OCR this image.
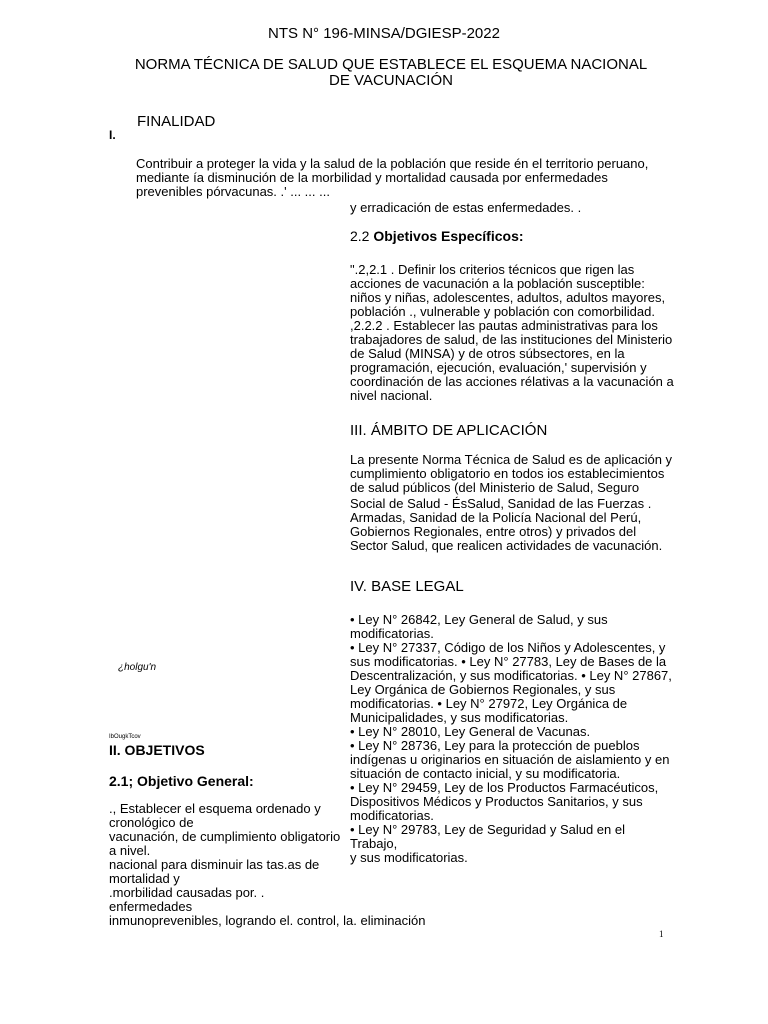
NTS N° 196-MINSA/DGIESP-2022
NORMA TÉCNICA DE SALUD QUE ESTABLECE EL ESQUEMA NACIONAL
DE VACUNACIÓN
FINALIDAD
I.
Contribuir a proteger la vida y la salud de la población que reside én el territorio peruano,
mediante ía disminución de la morbilidad y mortalidad causada por enfermedades
prevenibles pórvacunas. .' ... ... ...
y erradicación de estas enfermedades. .
2.2 Objetivos Específicos:
".2,2.1 . Definir los criterios técnicos que rigen las
acciones de vacunación a la población susceptible:
niños y niñas, adolescentes, adultos, adultos mayores,
población ., vulnerable y población con comorbilidad.
,2.2.2 . Establecer las pautas administrativas para los
trabajadores de salud, de las instituciones del Ministerio
de Salud (MINSA) y de otros súbsectores, en la
programación, ejecución, evaluación,' supervisión y
coordinación de las acciones rélativas a la vacunación a
nivel nacional.
III. ÁMBITO DE APLICACIÓN
La presente Norma Técnica de Salud es de aplicación y
cumplimiento obligatorio en todos ios establecimientos
de salud públicos (del Ministerio de Salud, Seguro
Social de Salud - ÉsSalud, Sanidad de las Fuerzas .
Armadas, Sanidad de la Policía Nacional del Perú,
Gobiernos Regionales, entre otros) y privados del
Sector Salud, que realicen actividades de vacunación.
IV. BASE LEGAL
• Ley N° 26842, Ley General de Salud, y sus
modificatorias.
• Ley N° 27337, Código de los Niños y Adolescentes, y
sus modificatorias. • Ley N° 27783, Ley de Bases de la
Descentralización, y sus modificatorias. • Ley N° 27867,
Ley Orgánica de Gobiernos Regionales, y sus
modificatorias. • Ley N° 27972, Ley Orgánica de
Municipalidades, y sus modificatorias.
• Ley N° 28010, Ley General de Vacunas.
• Ley N° 28736, Ley para la protección de pueblos
indígenas u originarios en situación de aislamiento y en
situación de contacto inicial, y su modificatoria.
• Ley N° 29459, Ley de los Productos Farmacéuticos,
Dispositivos Médicos y Productos Sanitarios, y sus
modificatorias.
• Ley N° 29783, Ley de Seguridad y Salud en el Trabajo,
y sus modificatorias.
¿holgu'n
IbOugkTcov
II. OBJETIVOS
2.1; Objetivo General:
., Establecer el esquema ordenado y cronológico de
vacunación, de cumplimiento obligatorio a nivel.
nacional para disminuir las tas.as de mortalidad y
.morbilidad causadas por. . enfermedades
inmunoprevenibles, logrando el. control, la. eliminación
1
